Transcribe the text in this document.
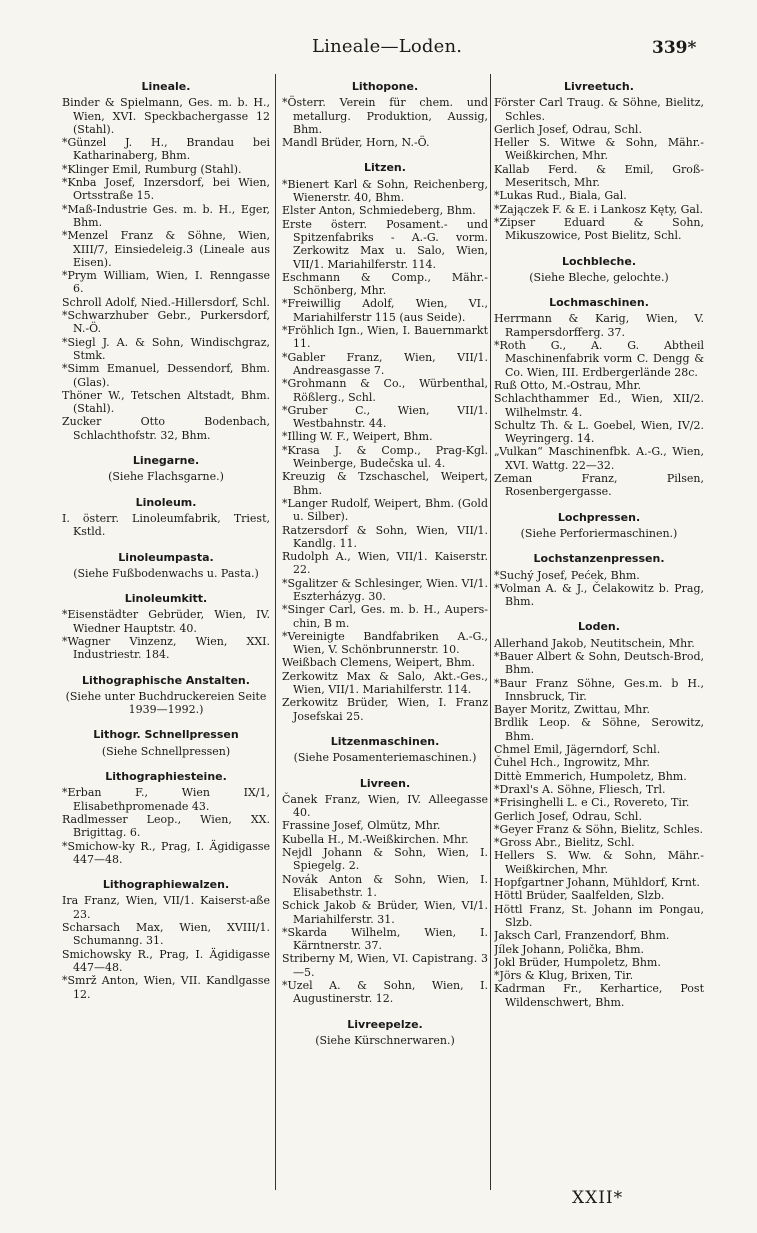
Lineale—Loden.	339*
Lineale.
Binder & Spielmann, Ges. m. b. H., Wien, XVI. Speckbachergasse 12 (Stahl).
*Günzel J. H., Brandau bei Katharinaberg, Bhm.
*Klinger Emil, Rumburg (Stahl).
*Knba Josef, Inzersdorf, bei Wien, Ortsstraße 15.
*Maß-Industrie Ges. m. b. H., Eger, Bhm.
*Menzel Franz & Söhne, Wien, XIII/7, Einsiedeleig.3 (Lineale aus Eisen).
*Prym William, Wien, I. Renngasse 6.
Schroll Adolf, Nied.-Hillersdorf, Schl.
*Schwarzhuber Gebr., Purkersdorf, N.-Ö.
*Siegl J. A. & Sohn, Windischgraz, Stmk.
*Simm Emanuel, Dessendorf, Bhm. (Glas).
Thöner W., Tetschen Altstadt, Bhm. (Stahl).
Zucker Otto Bodenbach, Schlachthofstr. 32, Bhm.
Linegarne.
(Siehe Flachsgarne.)
Linoleum.
I. österr. Linoleumfabrik, Triest, Kstld.
Linoleumpasta.
(Siehe Fußbodenwachs u. Pasta.)
Linoleumkitt.
*Eisenstädter Gebrüder, Wien, IV. Wiedner Hauptstr. 40.
*Wagner Vinzenz, Wien, XXI. Industriestr. 184.
Lithographische Anstalten.
(Siehe unter Buchdruckereien Seite 1939—1992.)
Lithogr. Schnellpressen
(Siehe Schnellpressen)
Lithographiesteine.
*Erban F., Wien IX/1, Elisabethpromenade 43.
Radlmesser Leop., Wien, XX. Brigittag. 6.
*Smichow-ky R., Prag, I. Ägidigasse 447—48.
Lithographiewalzen.
Ira Franz, Wien, VII/1. Kaiserst-aße 23.
Scharsach Max, Wien, XVIII/1. Schumanng. 31.
Smichowsky R., Prag, I. Ägidigasse 447—48.
*Smrž Anton, Wien, VII. Kandlgasse 12.
Lithopone.
*Österr. Verein für chem. und metallurg. Produktion, Aussig, Bhm.
Mandl Brüder, Horn, N.-Ö.
Litzen.
*Bienert Karl & Sohn, Reichenberg, Wienerstr. 40, Bhm.
Elster Anton, Schmiedeberg, Bhm.
Erste österr. Posament.- und Spitzenfabriks - A.-G. vorm. Zerkowitz Max u. Salo, Wien, VII/1. Mariahilferstr. 114.
Eschmann & Comp., Mähr.-Schönberg, Mhr.
*Freiwillig Adolf, Wien, VI., Mariahilferstr 115 (aus Seide).
*Fröhlich Ign., Wien, I. Bauernmarkt 11.
*Gabler Franz, Wien, VII/1. Andreasgasse 7.
*Grohmann & Co., Würbenthal, Rößlerg., Schl.
*Gruber C., Wien, VII/1. Westbahnstr. 44.
*Illing W. F., Weipert, Bhm.
*Krasa J. & Comp., Prag-Kgl. Weinberge, Budečska ul. 4.
Kreuzig & Tzschaschel, Weipert, Bhm.
*Langer Rudolf, Weipert, Bhm. (Gold u. Silber).
Ratzersdorf & Sohn, Wien, VII/1. Kandlg. 11.
Rudolph A., Wien, VII/1. Kaiserstr. 22.
*Sgalitzer & Schlesinger, Wien. VI/1. Eszterházyg. 30.
*Singer Carl, Ges. m. b. H., Aupers-chin, B m.
*Vereinigte Bandfabriken A.-G., Wien, V. Schönbrunnerstr. 10.
Weißbach Clemens, Weipert, Bhm.
Zerkowitz Max & Salo, Akt.-Ges., Wien, VII/1. Mariahilferstr. 114.
Zerkowitz Brüder, Wien, I. Franz Josefskai 25.
Litzenmaschinen.
(Siehe Posamenteriemaschinen.)
Livreen.
Čanek Franz, Wien, IV. Alleegasse 40.
Frassine Josef, Olmütz, Mhr.
Kubella H., M.-Weißkirchen. Mhr.
Nejdl Johann & Sohn, Wien, I. Spiegelg. 2.
Novák Anton & Sohn, Wien, I. Elisabethstr. 1.
Schick Jakob & Brüder, Wien, VI/1. Mariahilferstr. 31.
*Skarda Wilhelm, Wien, I. Kärntnerstr. 37.
Striberny M, Wien, VI. Capistrang. 3—5.
*Uzel A. & Sohn, Wien, I. Augustinerstr. 12.
Livreepelze.
(Siehe Kürschnerwaren.)
Livreetuch.
Förster Carl Traug. & Söhne, Bielitz, Schles.
Gerlich Josef, Odrau, Schl.
Heller S. Witwe & Sohn, Mähr.-Weißkirchen, Mhr.
Kallab Ferd. & Emil, Groß-Meseritsch, Mhr.
*Lukas Rud., Biala, Gal.
*Zajączek F. & E. i Lankosz Kęty, Gal.
*Zipser Eduard & Sohn, Mikuszowice, Post Bielitz, Schl.
Lochbleche.
(Siehe Bleche, gelochte.)
Lochmaschinen.
Herrmann & Karig, Wien, V. Rampersdorfferg. 37.
*Roth G., A. G. Abtheil Maschinenfabrik vorm C. Dengg & Co. Wien, III. Erdbergerlände 28c.
Ruß Otto, M.-Ostrau, Mhr.
Schlachthammer Ed., Wien, XII/2. Wilhelmstr. 4.
Schultz Th. & L. Goebel, Wien, IV/2. Weyringerg. 14.
„Vulkan“ Maschinenfbk. A.-G., Wien, XVI. Wattg. 22—32.
Zeman Franz, Pilsen, Rosenbergergasse.
Lochpressen.
(Siehe Perforiermaschinen.)
Lochstanzenpressen.
*Suchý Josef, Pećek, Bhm.
*Volman A. & J., Čelakowitz b. Prag, Bhm.
Loden.
Allerhand Jakob, Neutitschein, Mhr.
*Bauer Albert & Sohn, Deutsch-Brod, Bhm.
*Baur Franz Söhne, Ges.m. b H., Innsbruck, Tir.
Bayer Moritz, Zwittau, Mhr.
Brdlik Leop. & Söhne, Serowitz, Bhm.
Chmel Emil, Jägerndorf, Schl.
Čuhel Hch., Ingrowitz, Mhr.
Dittè Emmerich, Humpoletz, Bhm.
*Draxl's A. Söhne, Fliesch, Trl.
*Frisinghelli L. e Ci., Rovereto, Tir.
Gerlich Josef, Odrau, Schl.
*Geyer Franz & Söhn, Bielitz, Schles.
*Gross Abr., Bielitz, Schl.
Hellers S. Ww. & Sohn, Mähr.-Weißkirchen, Mhr.
Hopfgartner Johann, Mühldorf, Krnt.
Höttl Brüder, Saalfelden, Slzb.
Höttl Franz, St. Johann im Pongau, Slzb.
Jaksch Carl, Franzendorf, Bhm.
Jílek Johann, Polička, Bhm.
Jokl Brüder, Humpoletz, Bhm.
*Jörs & Klug, Brixen, Tir.
Kadrman Fr., Kerhartice, Post Wildenschwert, Bhm.
XXII*
